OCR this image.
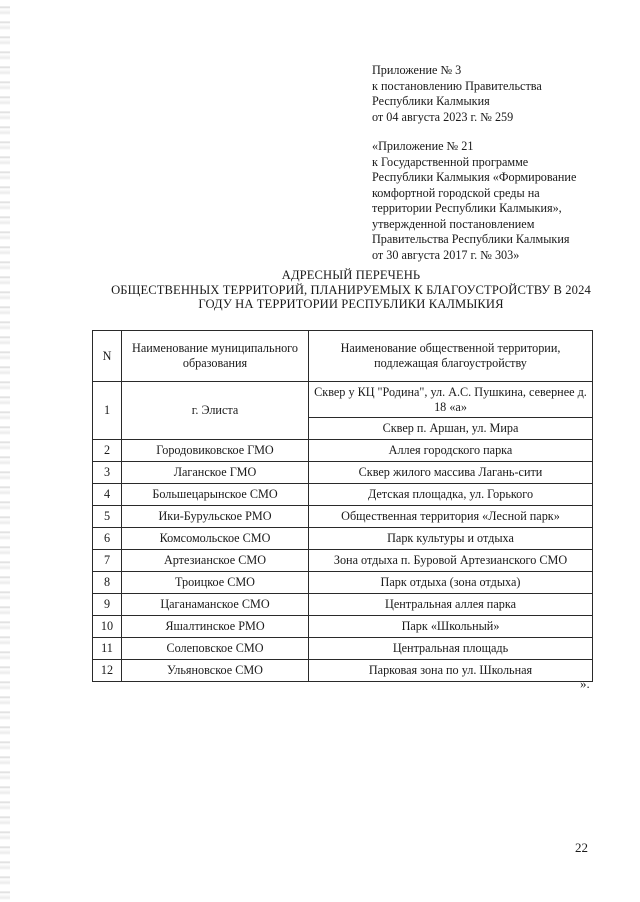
Приложение № 3
к постановлению Правительства
Республики Калмыкия
от 04 августа 2023 г. № 259
«Приложение № 21
к Государственной программе
Республики Калмыкия «Формирование
комфортной городской среды на
территории Республики Калмыкия»,
утвержденной постановлением
Правительства Республики Калмыкия
от 30 августа 2017 г. № 303»
АДРЕСНЫЙ ПЕРЕЧЕНЬ
ОБЩЕСТВЕННЫХ ТЕРРИТОРИЙ, ПЛАНИРУЕМЫХ К БЛАГОУСТРОЙСТВУ В 2024
ГОДУ НА ТЕРРИТОРИИ РЕСПУБЛИКИ КАЛМЫКИЯ
N	Наименование муниципального образования	Наименование общественной территории, подлежащая благоустройству
1	г. Элиста	Сквер у КЦ "Родина", ул. А.С. Пушкина, севернее д. 18 «а»
		Сквер п. Аршан, ул. Мира
2	Городовиковское ГМО	Аллея городского парка
3	Лаганское ГМО	Сквер жилого массива Лагань-сити
4	Большецарынское СМО	Детская площадка, ул. Горького
5	Ики-Бурульское РМО	Общественная территория «Лесной парк»
6	Комсомольское СМО	Парк культуры и отдыха
7	Артезианское СМО	Зона отдыха п. Буровой Артезианского СМО
8	Троицкое СМО	Парк отдыха (зона отдыха)
9	Цаганаманское СМО	Центральная аллея парка
10	Яшалтинское РМО	Парк «Школьный»
11	Солеповское СМО	Центральная площадь
12	Ульяновское СМО	Парковая зона по ул. Школьная
».
22
